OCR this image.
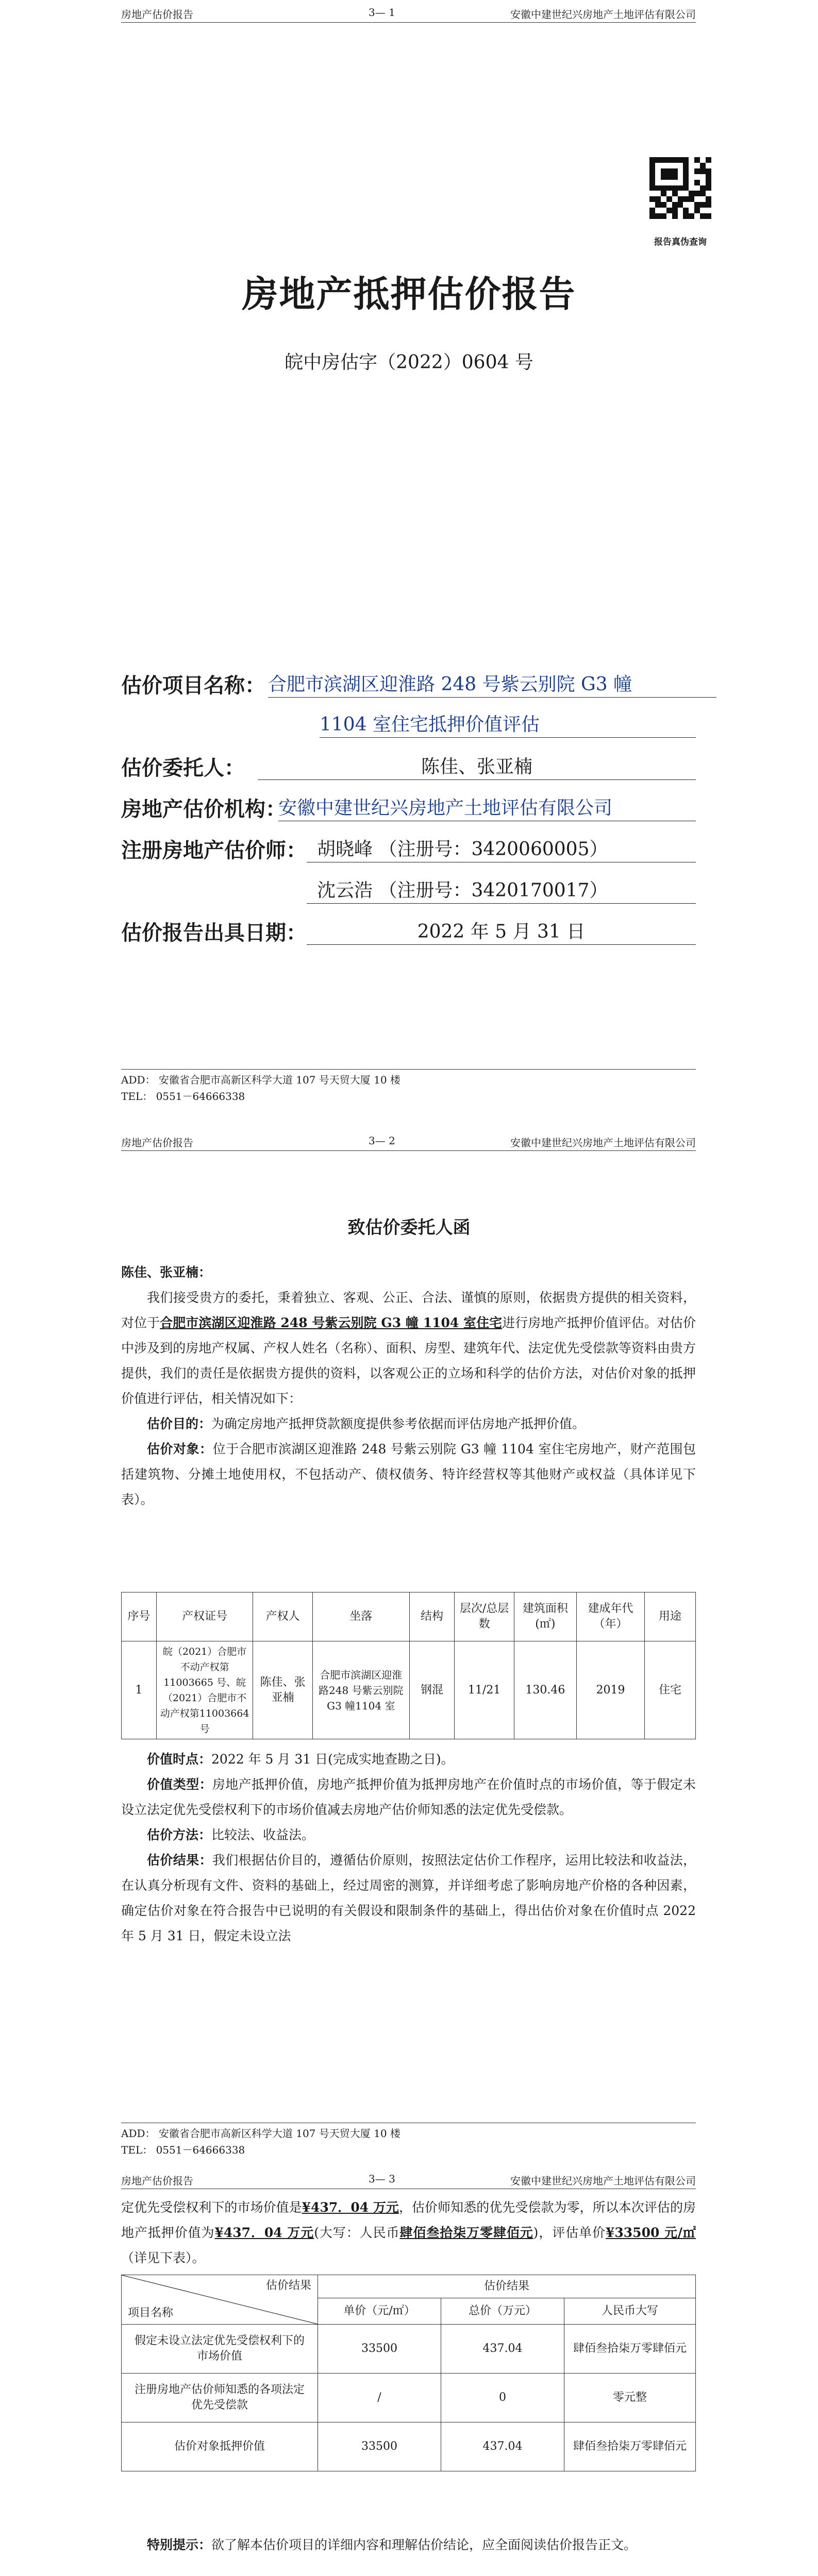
房地产估价报告	3— 1	安徽中建世纪兴房地产土地评估有限公司
报告真伪查询
房地产抵押估价报告
皖中房估字（2022）0604 号
估价项目名称： 合肥市滨湖区迎淮路 248 号紫云别院 G3 幢
1104 室住宅抵押价值评估
估价委托人：	陈佳、张亚楠
房地产估价机构：
安徽中建世纪兴房地产土地评估有限公司
注册房地产估价师： 胡晓峰 （注册号：3420060005）
沈云浩 （注册号：3420170017）
估价报告出具日期：	2022 年 5 月 31 日
ADD： 安徽省合肥市高新区科学大道 107 号天贸大厦 10 楼
TEL： 0551－64666338
房地产估价报告	3— 2	安徽中建世纪兴房地产土地评估有限公司
致估价委托人函
陈佳、张亚楠：

我们接受贵方的委托，秉着独立、客观、公正、合法、谨慎的原则，依据贵方提供的相关资料，对位于合肥市滨湖区迎淮路 248 号紫云别院 G3 幢 1104 室住宅进行房地产抵押价值评估。对估价中涉及到的房地产权属、产权人姓名（名称）、面积、房型、建筑年代、法定优先受偿款等资料由贵方提供，我们的责任是依据贵方提供的资料，以客观公正的立场和科学的估价方法，对估价对象的抵押价值进行评估，相关情况如下：

估价目的：为确定房地产抵押贷款额度提供参考依据而评估房地产抵押价值。

估价对象：位于合肥市滨湖区迎淮路 248 号紫云别院 G3 幢 1104 室住宅房地产，财产范围包括建筑物、分摊土地使用权，不包括动产、债权债务、特许经营权等其他财产或权益（具体详见下表）。

序号	产权证号	产权人	坐落	结构	层次/总层数	建筑面积(㎡)	建成年代（年）	用途
1	皖（2021）合肥市不动产权第11003665 号、皖（2021）合肥市不动产权第11003664 号	陈佳、张亚楠	合肥市滨湖区迎淮路248 号紫云别院 G3 幢1104 室	钢混	11/21	130.46	2019	住宅

价值时点：2022 年 5 月 31 日(完成实地查勘之日)。

价值类型：房地产抵押价值，房地产抵押价值为抵押房地产在价值时点的市场价值，等于假定未设立法定优先受偿权利下的市场价值减去房地产估价师知悉的法定优先受偿款。

估价方法：比较法、收益法。

估价结果：我们根据估价目的，遵循估价原则，按照法定估价工作程序，运用比较法和收益法，在认真分析现有文件、资料的基础上，经过周密的测算，并详细考虑了影响房地产价格的各种因素，确定估价对象在符合报告中已说明的有关假设和限制条件的基础上，得出估价对象在价值时点 2022 年 5 月 31 日，假定未设立法

ADD： 安徽省合肥市高新区科学大道 107 号天贸大厦 10 楼
TEL： 0551－64666338
房地产估价报告	3— 3	安徽中建世纪兴房地产土地评估有限公司
定优先受偿权利下的市场价值是¥437．04 万元，估价师知悉的优先受偿款为零，所以本次评估的房地产抵押价值为¥437．04 万元(大写：人民币肆佰叁拾柒万零肆佰元)，评估单价¥33500 元/㎡（详见下表）。
估价结果
项目名称	估价结果		
	单价（元/㎡）	总价（万元）	人民币大写
假定未设立法定优先受偿权利下的市场价值	33500	437.04	肆佰叁拾柒万零肆佰元
注册房地产估价师知悉的各项法定优先受偿款	/	0	零元整
估价对象抵押价值	33500	437.04	肆佰叁拾柒万零肆佰元

特别提示：欲了解本估价项目的详细内容和理解估价结论，应全面阅读估价报告正文。
